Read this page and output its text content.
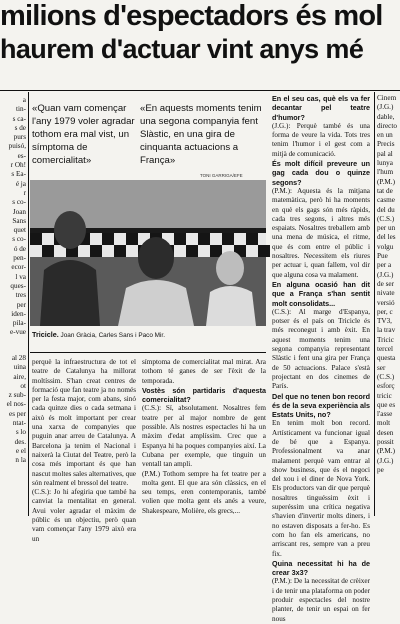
milions d'espectadors és mol
haurem d'actuar vint anys mé
a
tin-
s ca-
s de
purs
puisó,
es-
r Oh!
s Ea-
é ja
r
s co-
Joan
Sans
quet
s co-
ó de
pen-
ecor-
l va
ques-
tres
per
iden-
pila-
e-vue
al 28
uina
aire,
ot
z sub-
el nos-
es per
ntat-
s lo
des.
e el
n la
«Quan vam començar l'any 1979 voler agradar tothom era mal vist, un símptoma de comercialitat»
«En aquests moments tenim una segona companyia fent Slàstic, en una gira de cinquanta actuacions a França»
TONI GARRIGA/EFE
Tricicle. Joan Gràcia, Carles Sans i Paco Mir.

perquè la infraestructura de tot el teatre de Catalunya ha millorat moltíssim. S'han creat centres de formació que fan teatre ja no només per la festa major, com abans, sinó cada quinze dies o cada setmana i això és molt important per crear una xarxa de companyies que puguin anar arreu de Catalunya. A Barcelona ja tenim el Nacional i naixerà la Ciutat del Teatre, però la cosa més important és que han nascut moltes sales alternatives, que són realment el bressol del teatre.

(C.S.): Jo hi afegiria que també ha canviat la mentalitat en general. Avui voler agradar el màxim de públic és un objectiu, però quan vam començar l'any 1979 això era un

símptoma de comercialitat mal mirat. Ara tothom té ganes de ser l'èxit de la temporada.

Vostès són partidaris d'aquesta comercialitat?

(C.S.): Sí, absolutament. Nosaltres fem teatre per al major nombre de gent possible. Als nostres espectacles hi ha un màxim d'edat amplíssim. Crec que a Espanya hi ha poques companyies així. La Cubana per exemple, que tinguin un ventall tan ampli.

(P.M.) Tothom sempre ha fet teatre per a molta gent. El que ara són clàssics, en el seu temps, eren contemporanis, també volien que molta gent els anés a veure, Shakespeare, Molière, els grecs,...

En el seu cas, què els va fer decantar pel teatre d'humor?

(J.G.): Perquè també és una forma de veure la vida. Tots tres tenim l'humor i el gest com a mitjà de comunicació.

És molt difícil preveure un gag cada dou o quinze segons?

(P.M.): Aquesta és la mitjana matemàtica, però hi ha moments en què els gags són més ràpids, cada tres segons, i altres més espaiats. Nosaltres treballem amb una mena de música, el ritme, que és com entre el públic i nosaltres. Necessitem els riures per actuar i, quan fallem, vol dir que alguna cosa va malament.

En alguna ocasió han dit que a França s'han sentit molt consolidats...

(C.S.): Al marge d'Espanya, potser és el país on Tricicle és més reconegut i amb èxit. En aquest moments tenim una segona companyia representant Slàstic i fent una gira per França de 50 actuacions. Palace s'està projectant en dos cinemes de París.

Del que no tenen bon record és de la seva experiència als Estats Units, no?

En tenim molt bon record. Artísticament va funcionar igual de bé que a Espanya. Professionalment va anar malament perquè vam entrar al show business, que és el negoci del xou i el diner de Nova York. Els productors van dir que perquè nosaltres tinguéssim èxit i superéssim una crítica negativa s'havien d'invertir molts diners, i no estaven disposats a fer-ho. Es com ho fan els americans, no arriscant res, sempre van a preu fix.

Quina necessitat hi ha de crear 3x3?

(P.M.): De la necessitat de crèixer i de tenir una plataforma on poder produir espectacles del nostre planter, de tenir un espai on fer nous

Cinem
(J.G.)
dable,
directo
en un
Precis
pal al
lunya
l'hum
(P.M.)
tat de
casme
del du
(C.S.)
per un
del les
volgu
Pue
per a
(J.G.)
de ser
nivate
versió
per, c
TV3,
la trav
Tricic
tercel
questa
ser
(C.S.)
esforç
tricic
que es
l'asse
molt
desen
possit
(P.M.)
(J.G.)
pe
